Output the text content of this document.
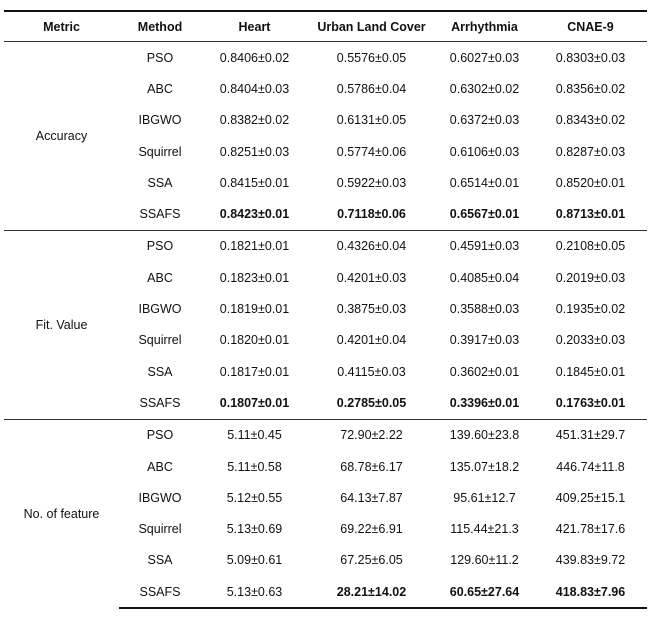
Metric	Method	Heart	Urban Land Cover	Arrhythmia	CNAE-9
Accuracy	PSO	0.8406±0.02	0.5576±0.05	0.6027±0.03	0.8303±0.03
	ABC	0.8404±0.03	0.5786±0.04	0.6302±0.02	0.8356±0.02
	IBGWO	0.8382±0.02	0.6131±0.05	0.6372±0.03	0.8343±0.02
	Squirrel	0.8251±0.03	0.5774±0.06	0.6106±0.03	0.8287±0.03
	SSA	0.8415±0.01	0.5922±0.03	0.6514±0.01	0.8520±0.01
	SSAFS	0.8423±0.01	0.7118±0.06	0.6567±0.01	0.8713±0.01
Fit. Value	PSO	0.1821±0.01	0.4326±0.04	0.4591±0.03	0.2108±0.05
	ABC	0.1823±0.01	0.4201±0.03	0.4085±0.04	0.2019±0.03
	IBGWO	0.1819±0.01	0.3875±0.03	0.3588±0.03	0.1935±0.02
	Squirrel	0.1820±0.01	0.4201±0.04	0.3917±0.03	0.2033±0.03
	SSA	0.1817±0.01	0.4115±0.03	0.3602±0.01	0.1845±0.01
	SSAFS	0.1807±0.01	0.2785±0.05	0.3396±0.01	0.1763±0.01
No. of feature	PSO	5.11±0.45	72.90±2.22	139.60±23.8	451.31±29.7
	ABC	5.11±0.58	68.78±6.17	135.07±18.2	446.74±11.8
	IBGWO	5.12±0.55	64.13±7.87	95.61±12.7	409.25±15.1
	Squirrel	5.13±0.69	69.22±6.91	115.44±21.3	421.78±17.6
	SSA	5.09±0.61	67.25±6.05	129.60±11.2	439.83±9.72
	SSAFS	5.13±0.63	28.21±14.02	60.65±27.64	418.83±7.96
